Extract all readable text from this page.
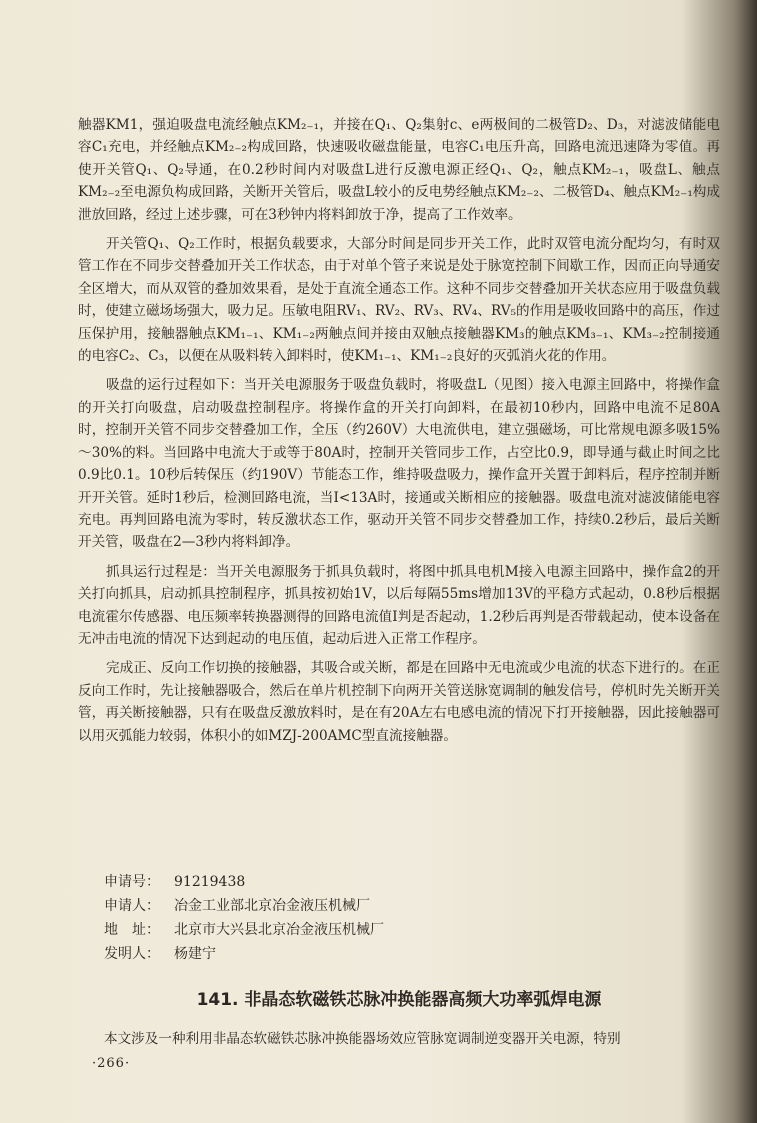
触器KM1，强迫吸盘电流经触点KM₂₋₁，并接在Q₁、Q₂集射c、e两极间的二极管D₂、D₃，对滤波储能电容C₁充电，并经触点KM₂₋₂构成回路，快速吸收磁盘能量，电容C₁电压升高，回路电流迅速降为零值。再使开关管Q₁、Q₂导通，在0.2秒时间内对吸盘L进行反激电源正经Q₁、Q₂，触点KM₂₋₁，吸盘L、触点KM₂₋₂至电源负构成回路，关断开关管后，吸盘L较小的反电势经触点KM₂₋₂、二极管D₄、触点KM₂₋₁构成泄放回路，经过上述步骤，可在3秒钟内将料卸放于净，提高了工作效率。

开关管Q₁、Q₂工作时，根据负载要求，大部分时间是同步开关工作，此时双管电流分配均匀，有时双管工作在不同步交替叠加开关工作状态，由于对单个管子来说是处于脉宽控制下间歇工作，因而正向导通安全区增大，而从双管的叠加效果看，是处于直流全通态工作。这种不同步交替叠加开关状态应用于吸盘负载时，使建立磁场场强大，吸力足。压敏电阻RV₁、RV₂、RV₃、RV₄、RV₅的作用是吸收回路中的高压，作过压保护用，接触器触点KM₁₋₁、KM₁₋₂两触点间并接由双触点接触器KM₃的触点KM₃₋₁、KM₃₋₂控制接通的电容C₂、C₃，以便在从吸料转入卸料时，使KM₁₋₁、KM₁₋₂良好的灭弧消火花的作用。

吸盘的运行过程如下：当开关电源服务于吸盘负载时，将吸盘L（见图）接入电源主回路中，将操作盒的开关打向吸盘，启动吸盘控制程序。将操作盒的开关打向卸料，在最初10秒内，回路中电流不足80A时，控制开关管不同步交替叠加工作，全压（约260V）大电流供电，建立强磁场，可比常规电源多吸15%～30%的料。当回路中电流大于或等于80A时，控制开关管同步工作，占空比0.9，即导通与截止时间之比0.9比0.1。10秒后转保压（约190V）节能态工作，维持吸盘吸力，操作盒开关置于卸料后，程序控制并断开开关管。延时1秒后，检测回路电流，当I<13A时，接通或关断相应的接触器。吸盘电流对滤波储能电容充电。再判回路电流为零时，转反激状态工作，驱动开关管不同步交替叠加工作，持续0.2秒后，最后关断开关管，吸盘在2—3秒内将料卸净。

抓具运行过程是：当开关电源服务于抓具负载时，将图中抓具电机M接入电源主回路中，操作盒2的开关打向抓具，启动抓具控制程序，抓具按初始1V，以后每隔55ms增加13V的平稳方式起动，0.8秒后根据电流霍尔传感器、电压频率转换器测得的回路电流值I判是否起动，1.2秒后再判是否带载起动，使本设备在无冲击电流的情况下达到起动的电压值，起动后进入正常工作程序。

完成正、反向工作切换的接触器，其吸合或关断，都是在回路中无电流或少电流的状态下进行的。在正反向工作时，先让接触器吸合，然后在单片机控制下向两开关管送脉宽调制的触发信号，停机时先关断开关管，再关断接触器，只有在吸盘反激放料时，是在有20A左右电感电流的情况下打开接触器，因此接触器可以用灭弧能力较弱，体积小的如MZJ-200AMC型直流接触器。

申请号： 91219438
申请人： 冶金工业部北京冶金液压机械厂
地　址： 北京市大兴县北京冶金液压机械厂
发明人： 杨建宁
141. 非晶态软磁铁芯脉冲换能器高频大功率弧焊电源
本文涉及一种利用非晶态软磁铁芯脉冲换能器场效应管脉宽调制逆变器开关电源，特别
·266·
